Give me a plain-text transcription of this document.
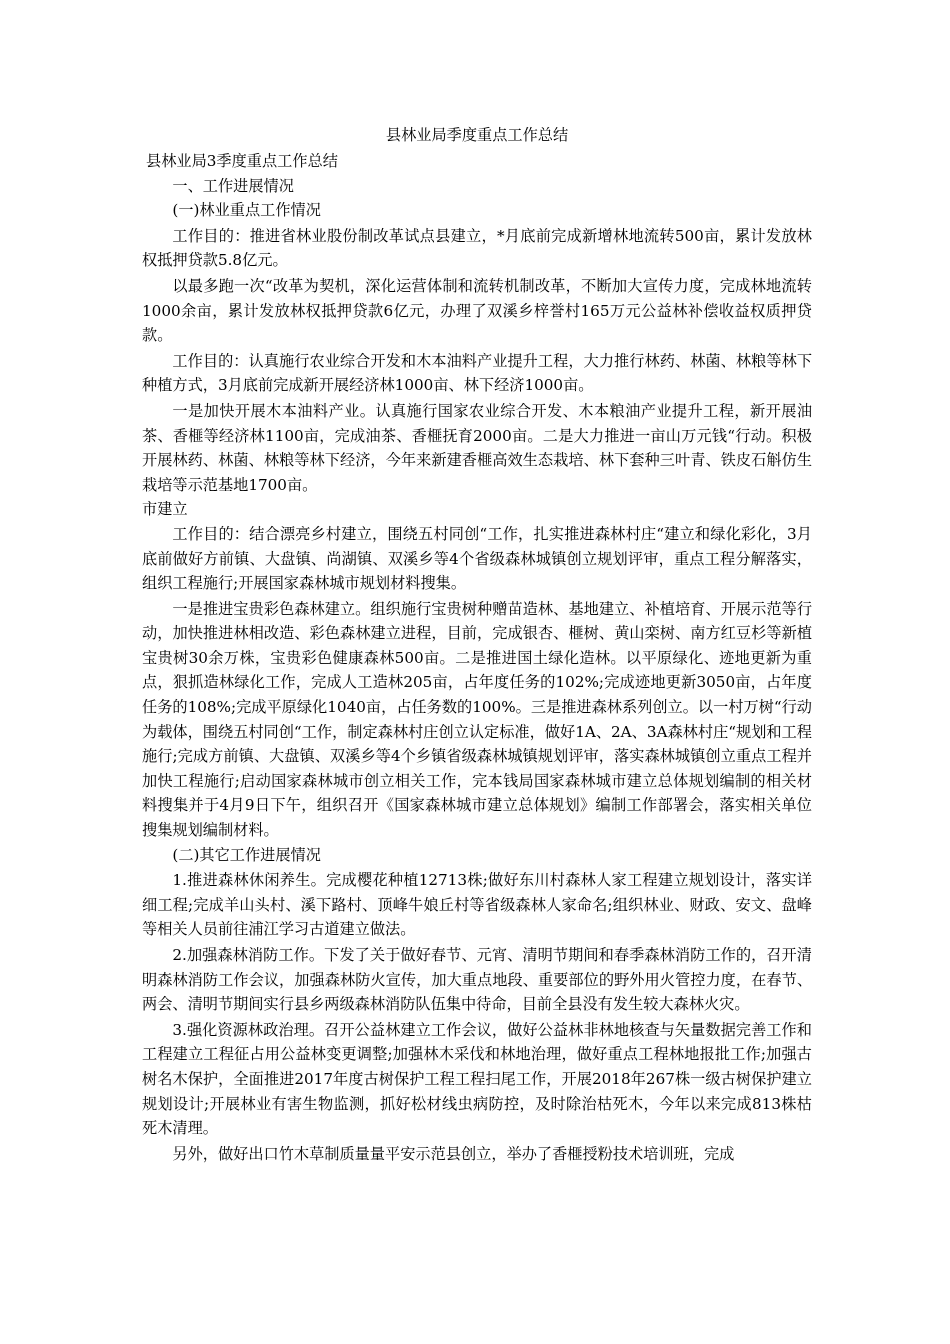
县林业局季度重点工作总结

县林业局3季度重点工作总结

一、工作进展情况

(一)林业重点工作情况

工作目的：推进省林业股份制改革试点县建立，*月底前完成新增林地流转500亩，累计发放林权抵押贷款5.8亿元。

以最多跑一次“改革为契机，深化运营体制和流转机制改革，不断加大宣传力度，完成林地流转1000余亩，累计发放林权抵押贷款6亿元，办理了双溪乡梓誉村165万元公益林补偿收益权质押贷款。

工作目的：认真施行农业综合开发和木本油料产业提升工程，大力推行林药、林菌、林粮等林下种植方式，3月底前完成新开展经济林1000亩、林下经济1000亩。

一是加快开展木本油料产业。认真施行国家农业综合开发、木本粮油产业提升工程，新开展油茶、香榧等经济林1100亩，完成油茶、香榧抚育2000亩。二是大力推进一亩山万元钱“行动。积极开展林药、林菌、林粮等林下经济，今年来新建香榧高效生态栽培、林下套种三叶青、铁皮石斛仿生栽培等示范基地1700亩。

市建立

工作目的：结合漂亮乡村建立，围绕五村同创“工作，扎实推进森林村庄“建立和绿化彩化，3月底前做好方前镇、大盘镇、尚湖镇、双溪乡等4个省级森林城镇创立规划评审，重点工程分解落实，组织工程施行;开展国家森林城市规划材料搜集。

一是推进宝贵彩色森林建立。组织施行宝贵树种赠苗造林、基地建立、补植培育、开展示范等行动，加快推进林相改造、彩色森林建立进程，目前，完成银杏、榧树、黄山栾树、南方红豆杉等新植宝贵树30余万株，宝贵彩色健康森林500亩。二是推进国土绿化造林。以平原绿化、迹地更新为重点，狠抓造林绿化工作，完成人工造林205亩，占年度任务的102%;完成迹地更新3050亩，占年度任务的108%;完成平原绿化1040亩，占任务数的100%。三是推进森林系列创立。以一村万树“行动为载体，围绕五村同创“工作，制定森林村庄创立认定标准，做好1A、2A、3A森林村庄“规划和工程施行;完成方前镇、大盘镇、双溪乡等4个乡镇省级森林城镇规划评审，落实森林城镇创立重点工程并加快工程施行;启动国家森林城市创立相关工作，完本钱局国家森林城市建立总体规划编制的相关材料搜集并于4月9日下午，组织召开《国家森林城市建立总体规划》编制工作部署会，落实相关单位搜集规划编制材料。

(二)其它工作进展情况

1.推进森林休闲养生。完成樱花种植12713株;做好东川村森林人家工程建立规划设计，落实详细工程;完成羊山头村、溪下路村、顶峰牛娘丘村等省级森林人家命名;组织林业、财政、安文、盘峰等相关人员前往浦江学习古道建立做法。

2.加强森林消防工作。下发了关于做好春节、元宵、清明节期间和春季森林消防工作的，召开清明森林消防工作会议，加强森林防火宣传，加大重点地段、重要部位的野外用火管控力度，在春节、两会、清明节期间实行县乡两级森林消防队伍集中待命，目前全县没有发生较大森林火灾。

3.强化资源林政治理。召开公益林建立工作会议，做好公益林非林地核查与矢量数据完善工作和工程建立工程征占用公益林变更调整;加强林木采伐和林地治理，做好重点工程林地报批工作;加强古树名木保护，全面推进2017年度古树保护工程工程扫尾工作，开展2018年267株一级古树保护建立规划设计;开展林业有害生物监测，抓好松材线虫病防控，及时除治枯死木，今年以来完成813株枯死木清理。

另外，做好出口竹木草制质量量平安示范县创立，举办了香榧授粉技术培训班，完成
